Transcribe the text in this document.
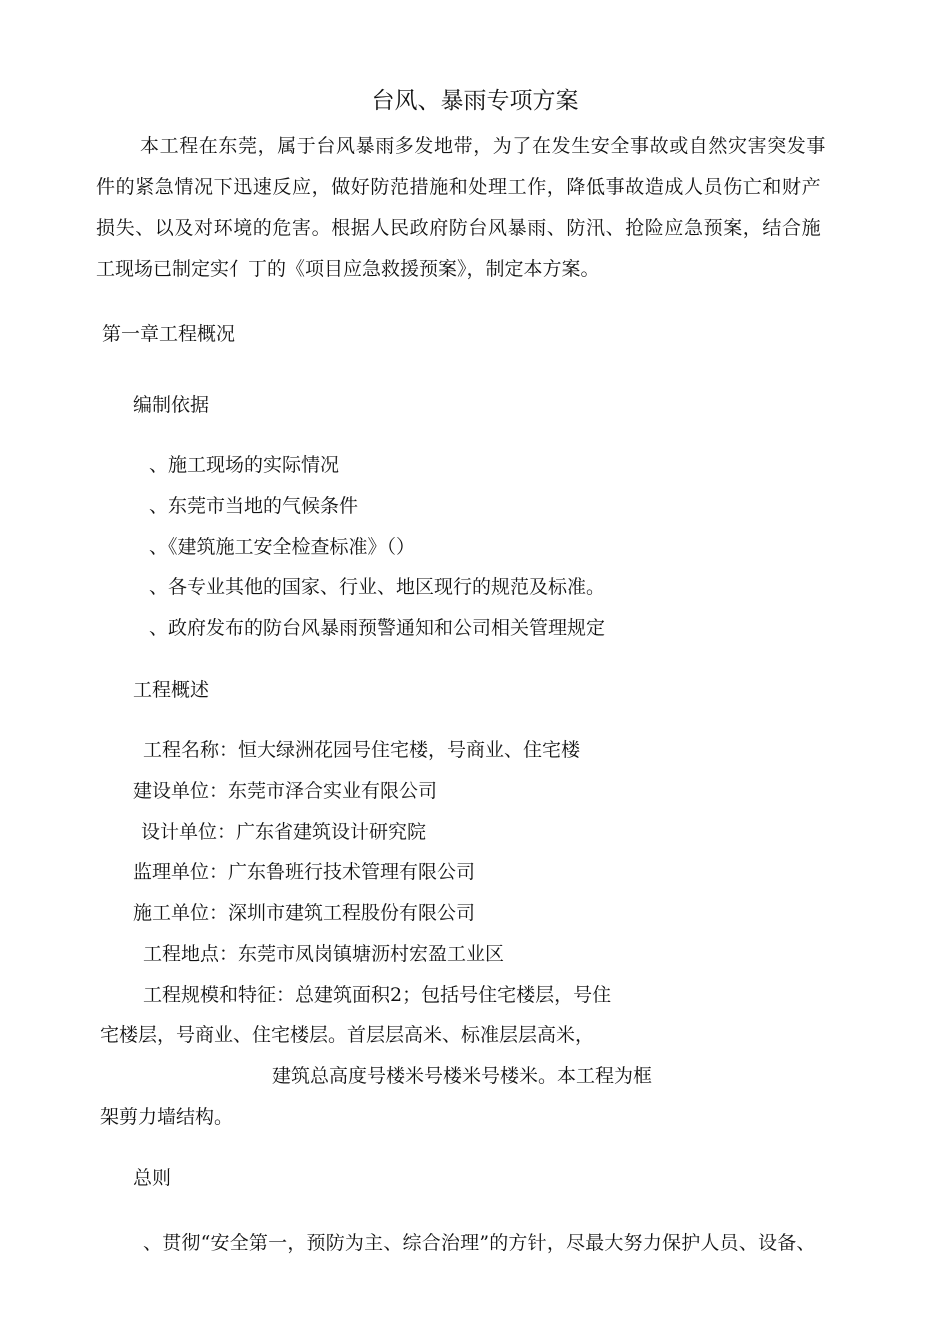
台风、暴雨专项方案
本工程在东莞，属于台风暴雨多发地带，为了在发生安全事故或自然灾害突发事
件的紧急情况下迅速反应，做好防范措施和处理工作，降低事故造成人员伤亡和财产
损失、以及对环境的危害。根据人民政府防台风暴雨、防汛、抢险应急预案，结合施
工现场已制定实亻丁的《项目应急救援预案》，制定本方案。
第一章工程概况
编制依据
、施工现场的实际情况
、东莞市当地的气候条件
、《建筑施工安全检查标准》（）
、各专业其他的国家、行业、地区现行的规范及标准。
、政府发布的防台风暴雨预警通知和公司相关管理规定
工程概述
工程名称：恒大绿洲花园号住宅楼，号商业、住宅楼
建设单位：东莞市泽合实业有限公司
设计单位：广东省建筑设计研究院
监理单位：广东鲁班行技术管理有限公司
施工单位：深圳市建筑工程股份有限公司
工程地点：东莞市凤岗镇塘沥村宏盈工业区
工程规模和特征：总建筑面积2；包括号住宅楼层，号住
宅楼层，号商业、住宅楼层。首层层高米、标准层层高米，
建筑总高度号楼米号楼米号楼米。本工程为框
架剪力墙结构。
总则
、贯彻“安全第一，预防为主、综合治理”的方针，尽最大努力保护人员、设备、
